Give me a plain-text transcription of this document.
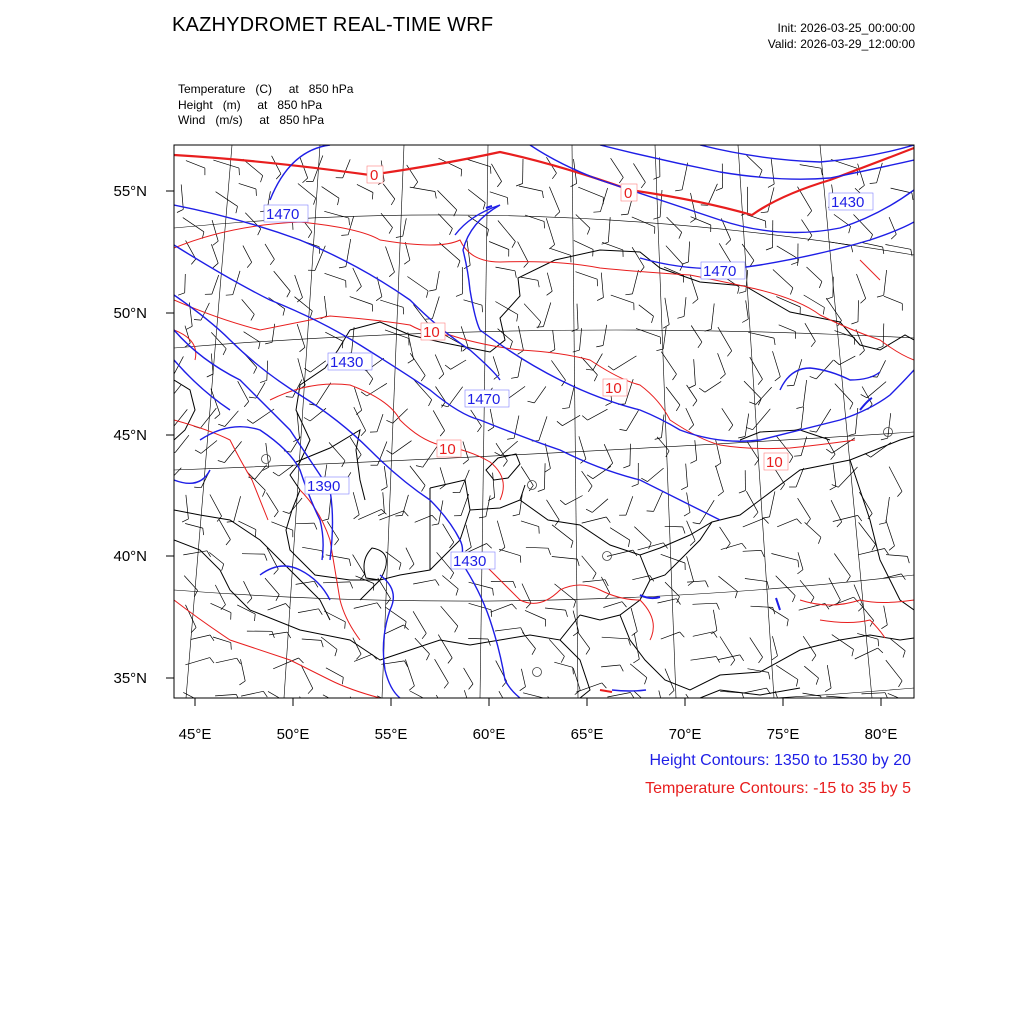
KAZHYDROMET REAL-TIME WRF	Init: 2026-03-25_00:00:00
Valid: 2026-03-29_12:00:00
Temperature   (C)     at   850 hPa
Height   (m)     at   850 hPa
Wind   (m/s)     at   850 hPa
1470
1430
1470
1390
1430
1470
1430
0
0
10
10
10
10
55°N
50°N
45°N
40°N
35°N
45°E	50°E	55°E	60°E	65°E	70°E	75°E	80°E
Height Contours: 1350 to 1530 by 20
Temperature Contours: -15 to 35 by 5
